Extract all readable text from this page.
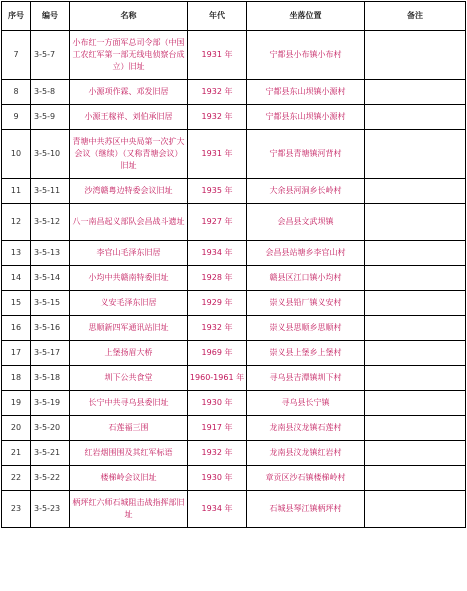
序号	编号	名称	年代	坐落位置	备注
7	3-5-7	小布红一方面军总司令部（中国工农红军第一部无线电侦察台成立）旧址	1931 年	宁都县小布镇小布村	
8	3-5-8	小源项作霖、邓发旧居	1932 年	宁都县东山坝镇小源村	
9	3-5-9	小源王稼祥、刘伯承旧居	1932 年	宁都县东山坝镇小源村	
10	3-5-10	青塘中共苏区中央局第一次扩大会议（继续）（又称青塘会议）旧址	1931 年	宁都县青塘镇河背村	
11	3-5-11	沙湾赣粤边特委会议旧址	1935 年	大余县河洞乡长岭村	
12	3-5-12	八一南昌起义部队会昌战斗遗址	1927 年	会昌县文武坝镇	
13	3-5-13	李官山毛泽东旧居	1934 年	会昌县站塘乡李官山村	
14	3-5-14	小均中共赣南特委旧址	1928 年	赣县区江口镇小均村	
15	3-5-15	义安毛泽东旧居	1929 年	崇义县铅厂镇义安村	
16	3-5-16	思顺新四军通讯站旧址	1932 年	崇义县思顺乡思顺村	
17	3-5-17	上堡扬眉大桥	1969 年	崇义县上堡乡上堡村	
18	3-5-18	圳下公共食堂	1960-1961 年	寻乌县吉潭镇圳下村	
19	3-5-19	长宁中共寻乌县委旧址	1930 年	寻乌县长宁镇	
20	3-5-20	石莲福三围	1917 年	龙南县汶龙镇石莲村	
21	3-5-21	红岩烟围围及其红军标语	1932 年	龙南县汶龙镇红岩村	
22	3-5-22	楼梯岭会议旧址	1930 年	章贡区沙石镇楼梯岭村	
23	3-5-23	柄坪红六师石城阻击战指挥部旧址	1934 年	石城县琴江镇柄坪村	
